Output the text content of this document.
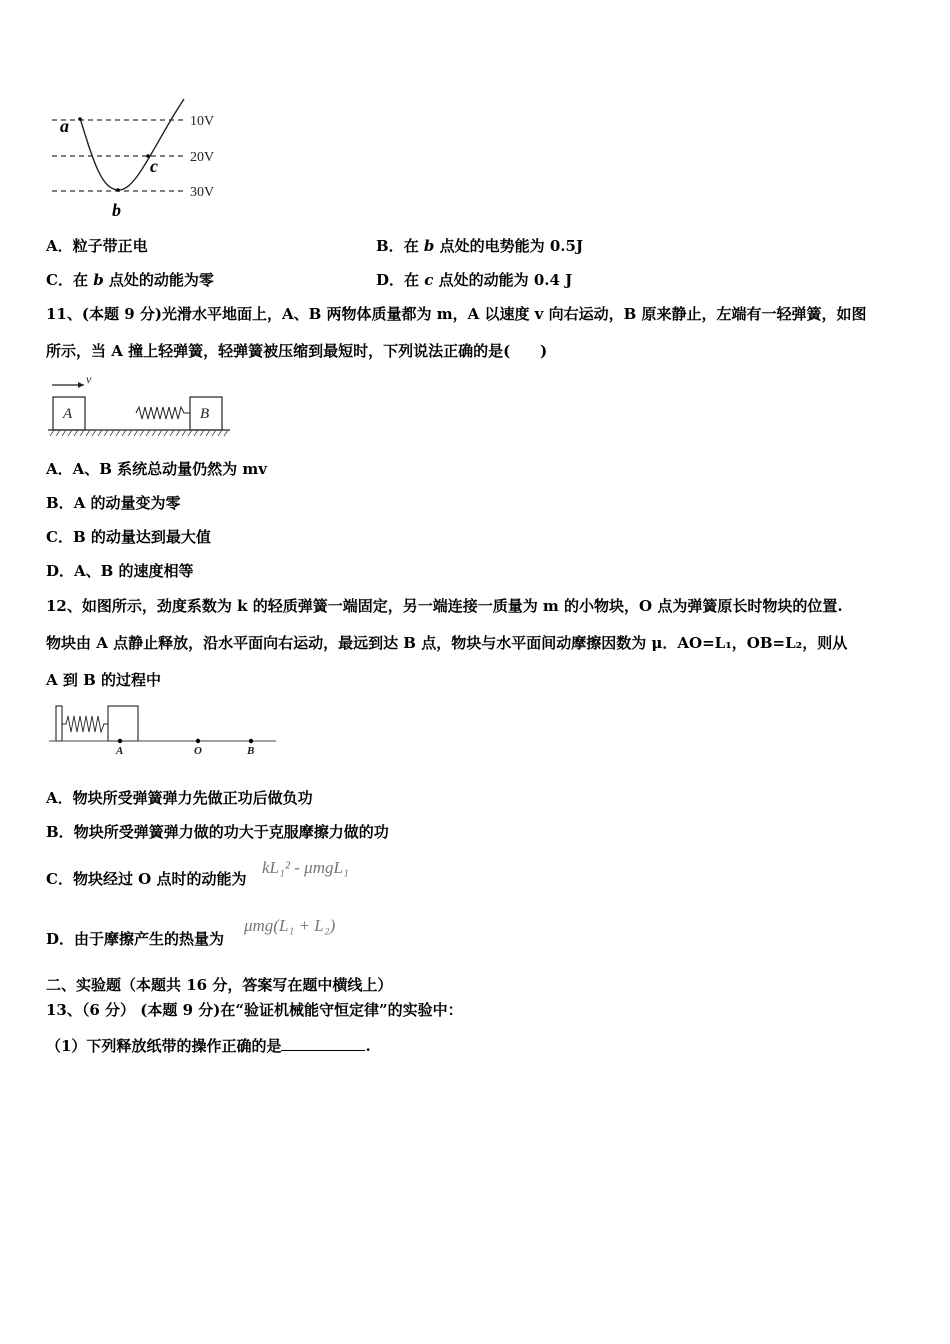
10V
20V
30V
a
b
c
A．粒子带正电	B．在 b 点处的电势能为 0.5J
C．在 b 点处的动能为零	D．在 c 点处的动能为 0.4 J
11、(本题 9 分)光滑水平地面上，A、B 两物体质量都为 m，A 以速度 v 向右运动，B 原来静止，左端有一轻弹簧，如图
所示，当 A 撞上轻弹簧，轻弹簧被压缩到最短时，下列说法正确的是(　　)
v
A	B
A．A、B 系统总动量仍然为 mv
B．A 的动量变为零
C．B 的动量达到最大值
D．A、B 的速度相等
12、如图所示，劲度系数为 k 的轻质弹簧一端固定，另一端连接一质量为 m 的小物块，O 点为弹簧原长时物块的位置.
物块由 A 点静止释放，沿水平面向右运动，最远到达 B 点，物块与水平面间动摩擦因数为 μ．AO=L₁，OB=L₂，则从
A 到 B 的过程中
A	O	B
A．物块所受弹簧弹力先做正功后做负功
B．物块所受弹簧弹力做的功大于克服摩擦力做的功
C．物块经过 O 点时的动能为
kL₁² - μmgL₁
D．由于摩擦产生的热量为
μmg(L₁ + L₂)
二、实验题（本题共 16 分，答案写在题中横线上）
13、（6 分） (本题 9 分)在“验证机械能守恒定律”的实验中：
（1）下列释放纸带的操作正确的是	.
